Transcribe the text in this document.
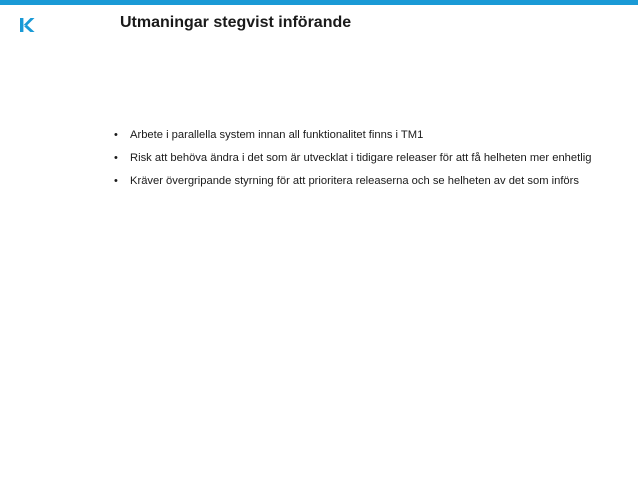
Utmaningar stegvist införande
• Arbete i parallella system innan all funktionalitet finns i TM1
• Risk att behöva ändra i det som är utvecklat i tidigare releaser för att få helheten mer enhetlig
• Kräver övergripande styrning för att prioritera releaserna och se helheten av det som införs
